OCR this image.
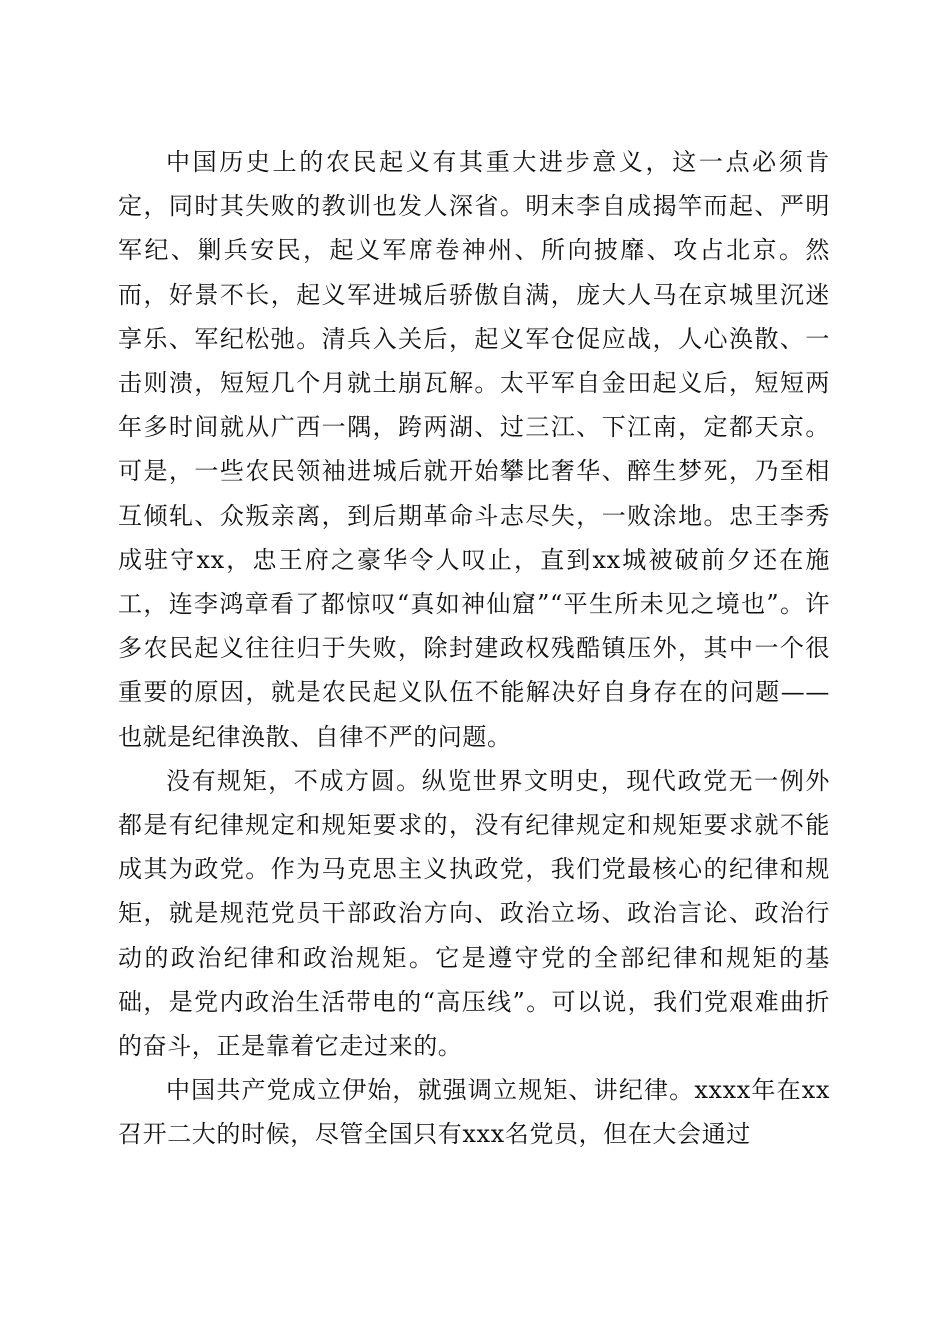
中国历史上的农民起义有其重大进步意义，这一点必须肯定，同时其失败的教训也发人深省。明末李自成揭竿而起、严明军纪、剿兵安民，起义军席卷神州、所向披靡、攻占北京。然而，好景不长，起义军进城后骄傲自满，庞大人马在京城里沉迷享乐、军纪松弛。清兵入关后，起义军仓促应战，人心涣散、一击则溃，短短几个月就土崩瓦解。太平军自金田起义后，短短两年多时间就从广西一隅，跨两湖、过三江、下江南，定都天京。可是，一些农民领袖进城后就开始攀比奢华、醉生梦死，乃至相互倾轧、众叛亲离，到后期革命斗志尽失，一败涂地。忠王李秀成驻守xx，忠王府之豪华令人叹止，直到xx城被破前夕还在施工，连李鸿章看了都惊叹“真如神仙窟”“平生所未见之境也”。许多农民起义往往归于失败，除封建政权残酷镇压外，其中一个很重要的原因，就是农民起义队伍不能解决好自身存在的问题——也就是纪律涣散、自律不严的问题。

没有规矩，不成方圆。纵览世界文明史，现代政党无一例外都是有纪律规定和规矩要求的，没有纪律规定和规矩要求就不能成其为政党。作为马克思主义执政党，我们党最核心的纪律和规矩，就是规范党员干部政治方向、政治立场、政治言论、政治行动的政治纪律和政治规矩。它是遵守党的全部纪律和规矩的基础，是党内政治生活带电的“高压线”。可以说，我们党艰难曲折的奋斗，正是靠着它走过来的。

中国共产党成立伊始，就强调立规矩、讲纪律。xxxx年在xx召开二大的时候，尽管全国只有xxx名党员，但在大会通过
